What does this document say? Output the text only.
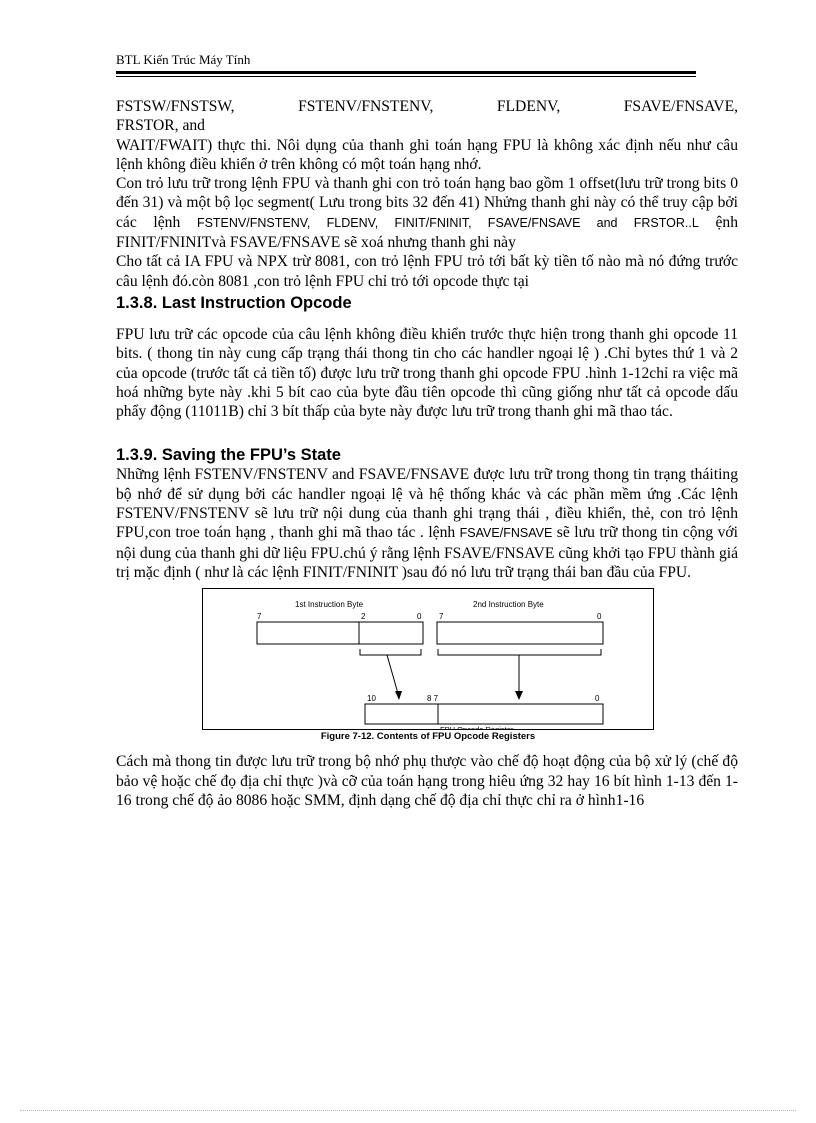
BTL Kiến Trúc Máy Tính

FSTSW/FNSTSW, FSTENV/FNSTENV, FLDENV, FSAVE/FNSAVE,

FRSTOR, and

WAIT/FWAIT) thực thi. Nôi dụng của thanh ghi toán hạng FPU là không xác định nếu như câu lệnh không điều khiển ở trên không có một toán hạng nhớ.

Con trỏ lưu trữ trong lệnh FPU và thanh ghi con trỏ toán hạng bao gồm 1 offset(lưu trữ trong bits 0 đến 31) và một bộ lọc segment( Lưu trong bits 32 đến 41) Nhửng thanh ghi này có thể truy cập bởi các lệnh FSTENV/FNSTENV, FLDENV, FINIT/FNINIT, FSAVE/FNSAVE and FRSTOR..L ệnh FINIT/FNINITvà FSAVE/FNSAVE sẽ xoá nhưng thanh ghi này

Cho tất cả IA FPU và NPX trừ 8081, con trỏ lệnh FPU trỏ tới bất kỳ tiền tố nào mà nó đứng trước câu lệnh đó.còn 8081 ,con trỏ lệnh FPU chỉ trỏ tới opcode thực tại

1.3.8. Last Instruction Opcode

FPU lưu trữ các opcode của câu lệnh không điều khiển trước thực hiện trong thanh ghi opcode 11 bits. ( thong tin này cung cấp trạng thái thong tin cho các handler ngoại lệ ) .Chỉ bytes thứ 1 và 2 của opcode (trước tất cả tiền tố) được lưu trữ trong thanh ghi opcode FPU .hình 1-12chỉ ra việc mã hoá những byte này .khi 5 bít cao của byte đầu tiên opcode thì cũng giống như tất cả opcode dấu phẩy động (11011B) chỉ 3 bít thấp của byte này được lưu trữ trong thanh ghi mã thao tác.

1.3.9. Saving the FPU’s State

Những lệnh FSTENV/FNSTENV and FSAVE/FNSAVE được lưu trữ trong thong tin trạng tháiting bộ nhớ để sử dụng bởi các handler ngoại lệ và hệ thống khác và các phần mềm ứng .Các lệnh FSTENV/FNSTENV sẽ lưu trữ nội dung của thanh ghi trạng thái , điều khiển, thẻ, con trỏ lệnh FPU,con troe toán hạng , thanh ghi mã thao tác . lệnh FSAVE/FNSAVE sẽ lưu trữ thong tin cộng với nội dung của thanh ghi dữ liệu FPU.chú ý rằng lệnh FSAVE/FNSAVE cũng khởi tạo FPU thành giá trị mặc định ( như là các lệnh FINIT/FNINIT )sau đó nó lưu trữ trạng thái ban đầu của FPU.

1st Instruction Byte	2nd Instruction Byte
7	2	0 7	0
10	8 7	0
Figure 7-12. Contents of FPU Opcode Registers

Cách mà thong tin được lưu trữ trong bộ nhớ phụ thược vào chế độ hoạt động của bộ xử lý (chế độ bảo vệ hoặc chế đọ địa chỉ thực )và cỡ của toán hạng trong hiêu ứng 32 hay 16 bít hình 1-13 đến 1-16 trong chế độ ảo 8086 hoặc SMM, định dạng chế độ địa chỉ thực chỉ ra ở hình1-16
